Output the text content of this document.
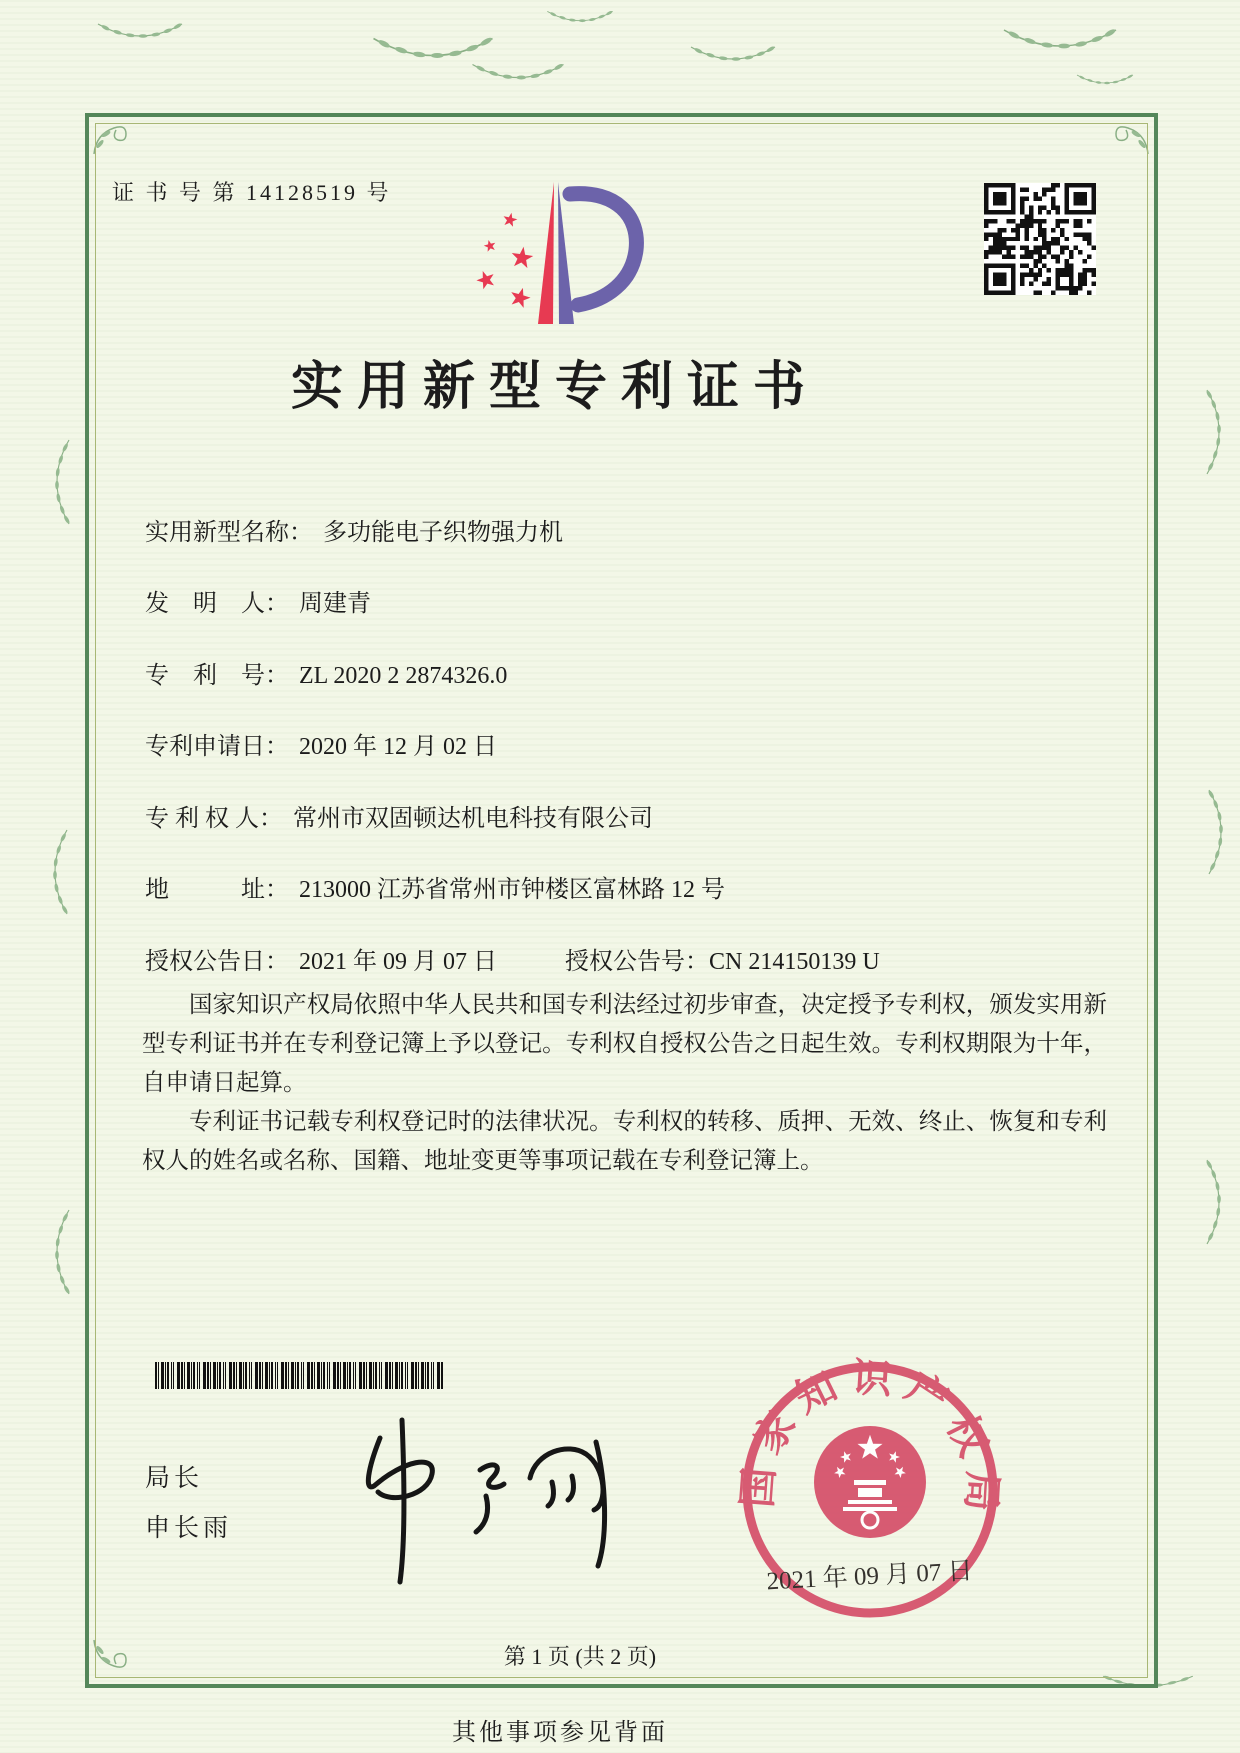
证 书 号 第 14128519 号
实用新型专利证书
实用新型名称： 多功能电子织物强力机
发　明　人： 周建青
专　利　号： ZL 2020 2 2874326.0
专利申请日： 2020 年 12 月 02 日
专 利 权 人： 常州市双固顿达机电科技有限公司
地　　　址： 213000 江苏省常州市钟楼区富林路 12 号
授权公告日： 2021 年 09 月 07 日	授权公告号：CN 214150139 U

国家知识产权局依照中华人民共和国专利法经过初步审查，决定授予专利权，颁发实用新型专利证书并在专利登记簿上予以登记。专利权自授权公告之日起生效。专利权期限为十年，自申请日起算。

专利证书记载专利权登记时的法律状况。专利权的转移、质押、无效、终止、恢复和专利权人的姓名或名称、国籍、地址变更等事项记载在专利登记簿上。

局长
申长雨
国家知识产权局
2021 年 09 月 07 日
第 1 页 (共 2 页)
其他事项参见背面
